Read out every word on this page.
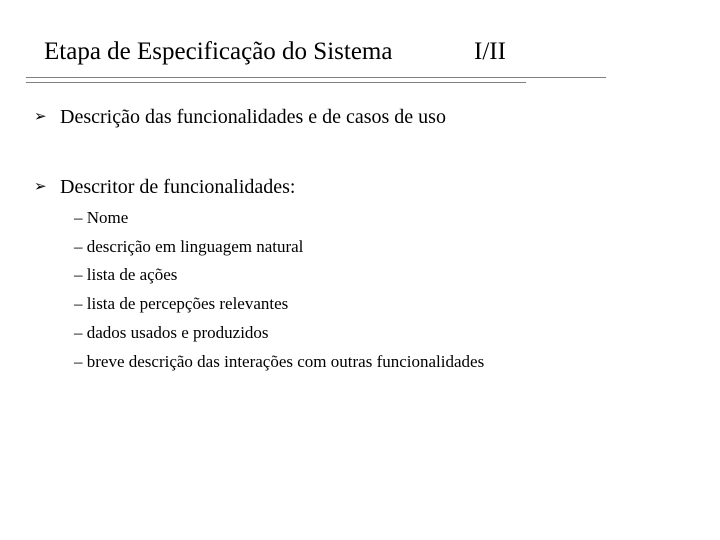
Etapa de Especificação do Sistema	I/II
➢ Descrição das funcionalidades e de casos de uso
➢ Descritor de funcionalidades:
– Nome
– descrição em linguagem natural
– lista de ações
– lista de percepções relevantes
– dados usados e produzidos
– breve descrição das interações com outras funcionalidades
